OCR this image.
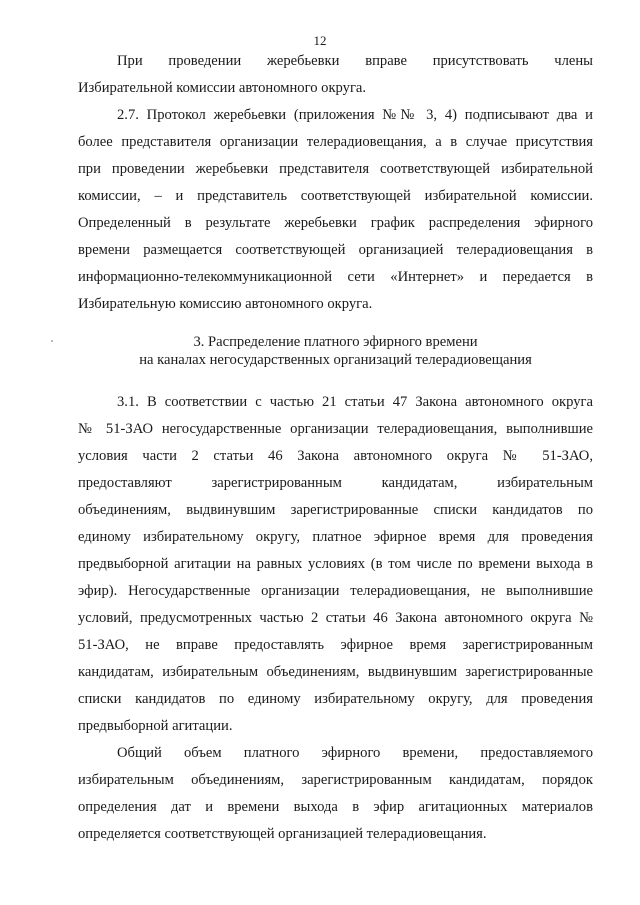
12
При проведении жеребьевки вправе присутствовать члены
Избирательной комиссии автономного округа.
2.7. Протокол жеребьевки (приложения №№ 3, 4) подписывают два и
более представителя организации телерадиовещания, а в случае присутствия
при проведении жеребьевки представителя соответствующей избирательной
комиссии, – и представитель соответствующей избирательной комиссии.
Определенный в результате жеребьевки график распределения эфирного
времени размещается соответствующей организацией телерадиовещания в
информационно-телекоммуникационной сети «Интернет» и передается в
Избирательную комиссию автономного округа.
3. Распределение платного эфирного времени
на каналах негосударственных организаций телерадиовещания
3.1. В соответствии с частью 21 статьи 47 Закона автономного округа
№ 51-ЗАО негосударственные организации телерадиовещания, выполнившие
условия части 2 статьи 46 Закона автономного округа № 51-ЗАО,
предоставляют зарегистрированным кандидатам, избирательным
объединениям, выдвинувшим зарегистрированные списки кандидатов по
единому избирательному округу, платное эфирное время для проведения
предвыборной агитации на равных условиях (в том числе по времени выхода в
эфир). Негосударственные организации телерадиовещания, не выполнившие
условий, предусмотренных частью 2 статьи 46 Закона автономного округа №
51-ЗАО, не вправе предоставлять эфирное время зарегистрированным
кандидатам, избирательным объединениям, выдвинувшим зарегистрированные
списки кандидатов по единому избирательному округу, для проведения
предвыборной агитации.
Общий объем платного эфирного времени, предоставляемого
избирательным объединениям, зарегистрированным кандидатам, порядок
определения дат и времени выхода в эфир агитационных материалов
определяется соответствующей организацией телерадиовещания.
